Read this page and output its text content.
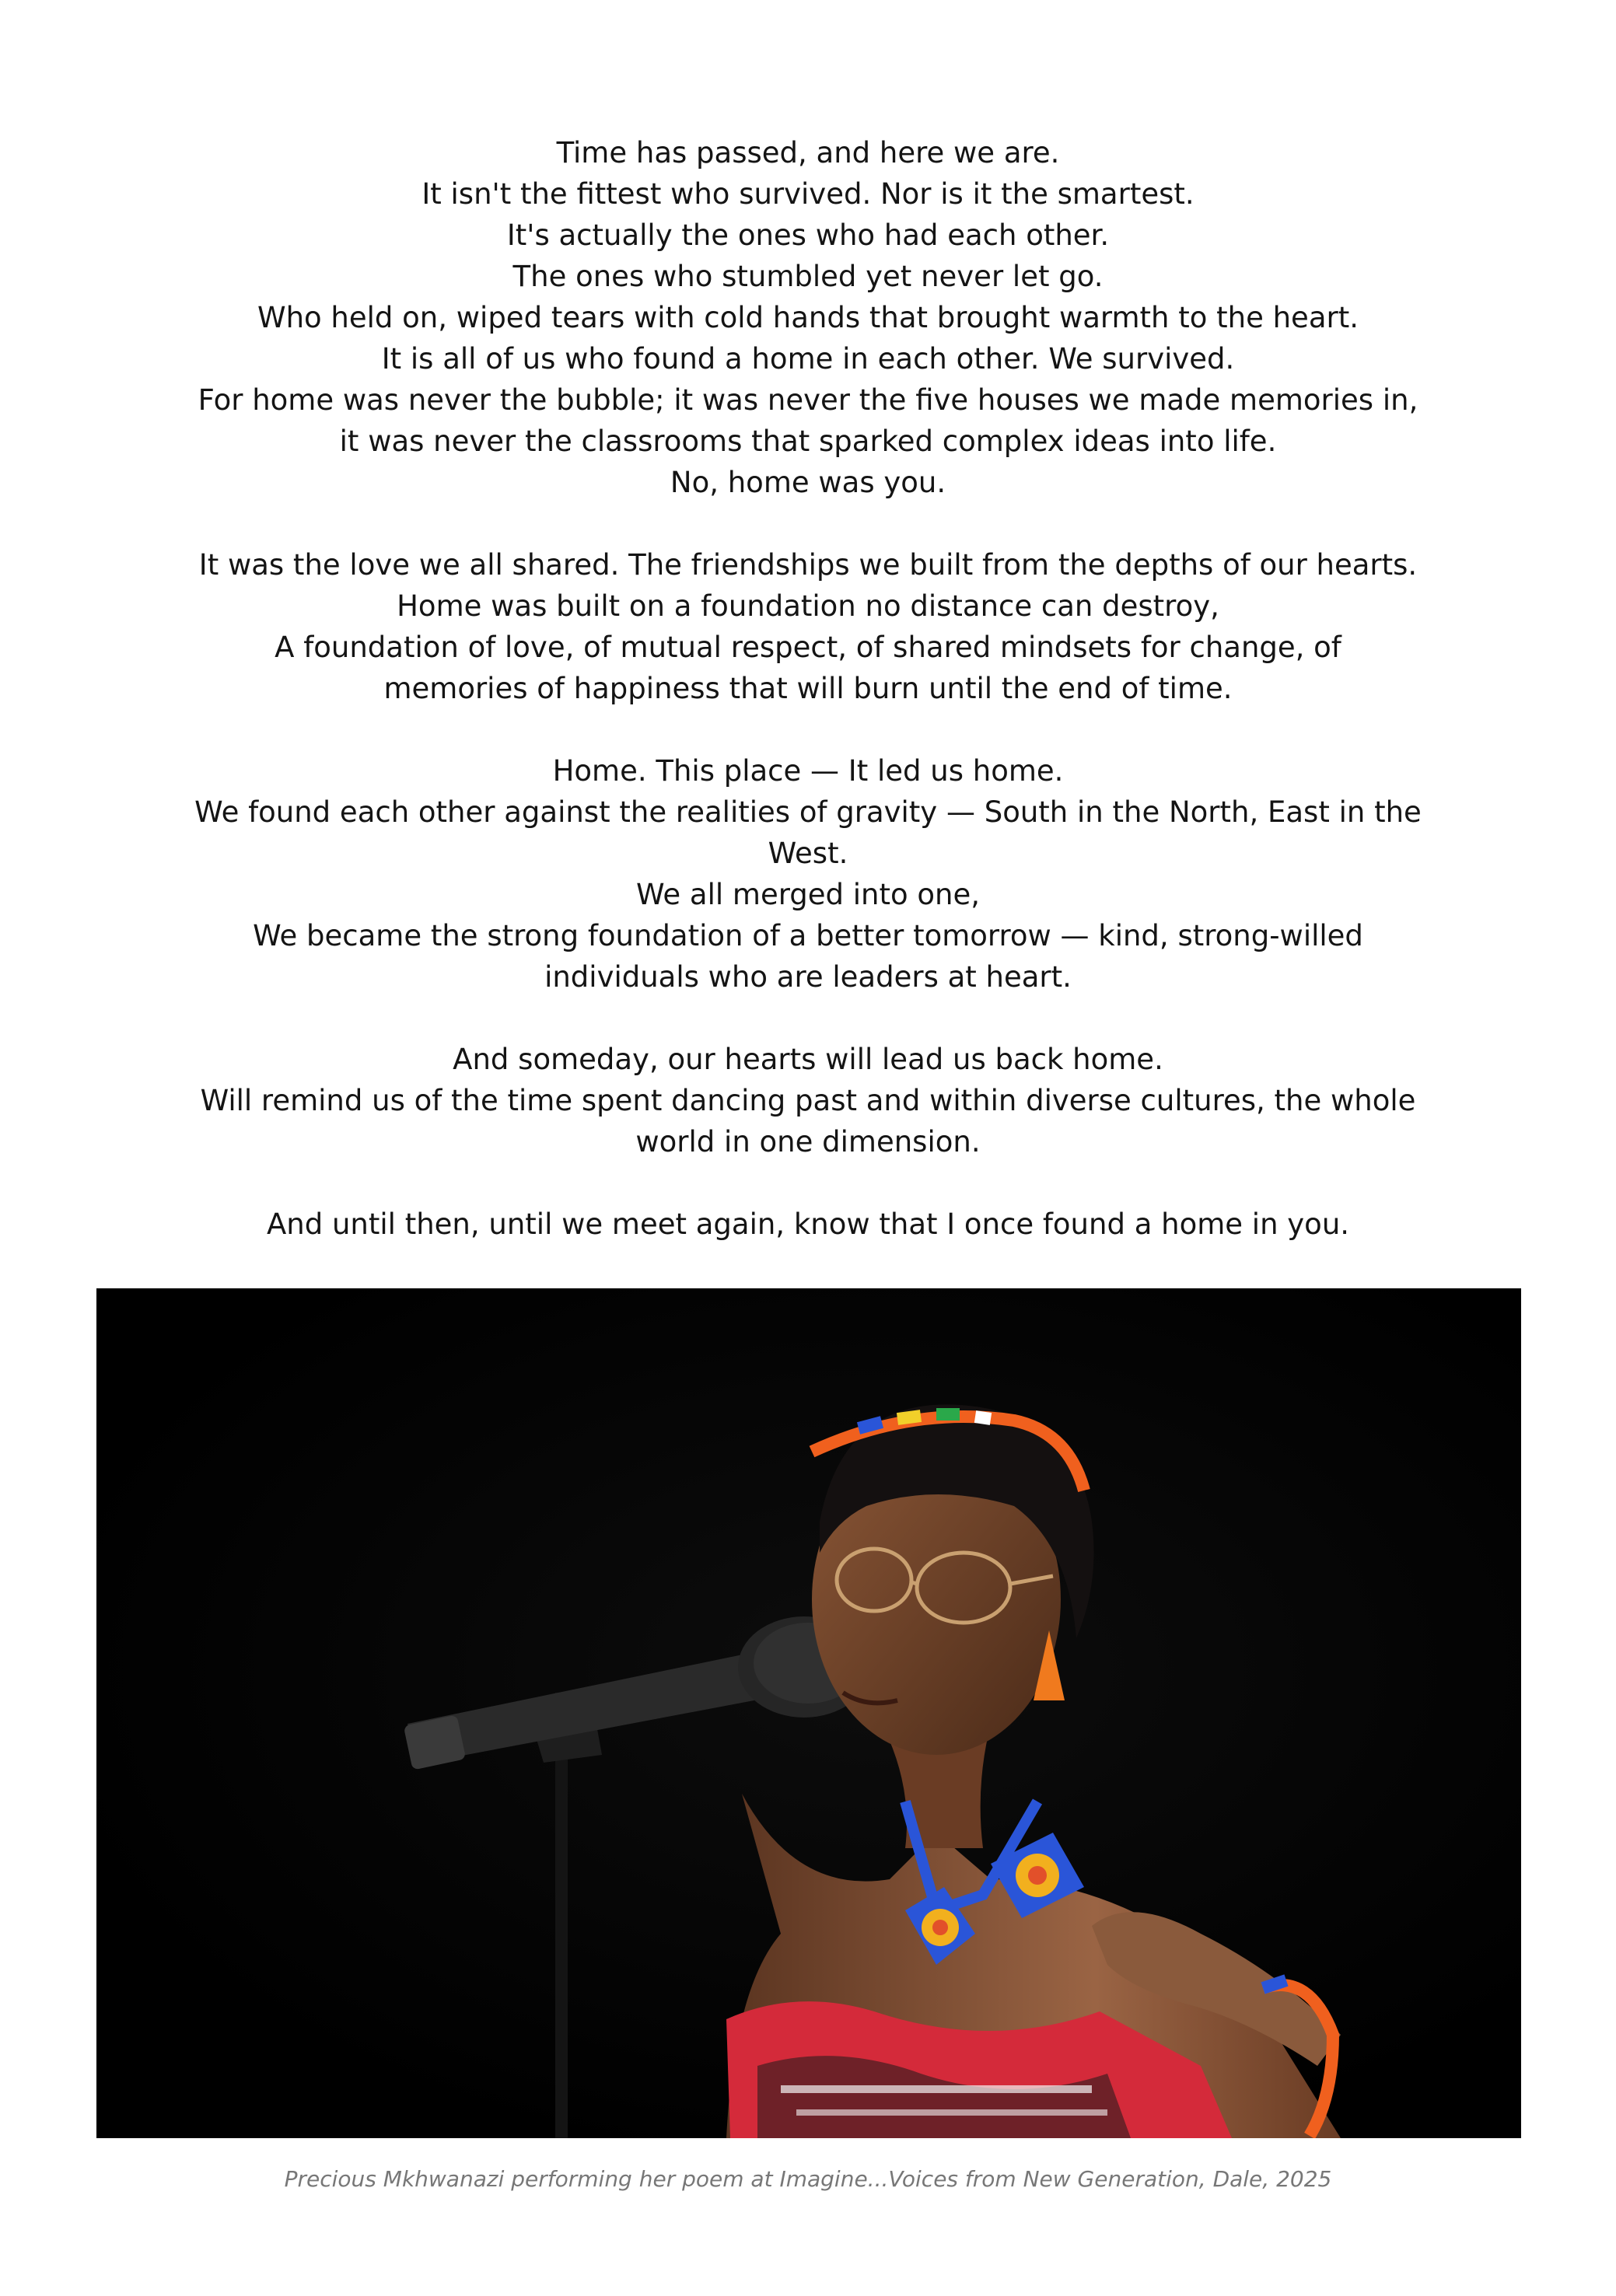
Time has passed, and here we are.
It isn't the fittest who survived. Nor is it the smartest.
It's actually the ones who had each other.
The ones who stumbled yet never let go.
Who held on, wiped tears with cold hands that brought warmth to the heart.
It is all of us who found a home in each other. We survived.
For home was never the bubble; it was never the five houses we made memories in,
it was never the classrooms that sparked complex ideas into life.
No, home was you.
It was the love we all shared. The friendships we built from the depths of our hearts.
Home was built on a foundation no distance can destroy,
A foundation of love, of mutual respect, of shared mindsets for change, of
memories of happiness that will burn until the end of time.
Home. This place — It led us home.
We found each other against the realities of gravity — South in the North, East in the
West.
We all merged into one,
We became the strong foundation of a better tomorrow — kind, strong-willed
individuals who are leaders at heart.
And someday, our hearts will lead us back home.
Will remind us of the time spent dancing past and within diverse cultures, the whole
world in one dimension.
And until then, until we meet again, know that I once found a home in you.
Precious Mkhwanazi performing her poem at Imagine...Voices from New Generation, Dale, 2025
